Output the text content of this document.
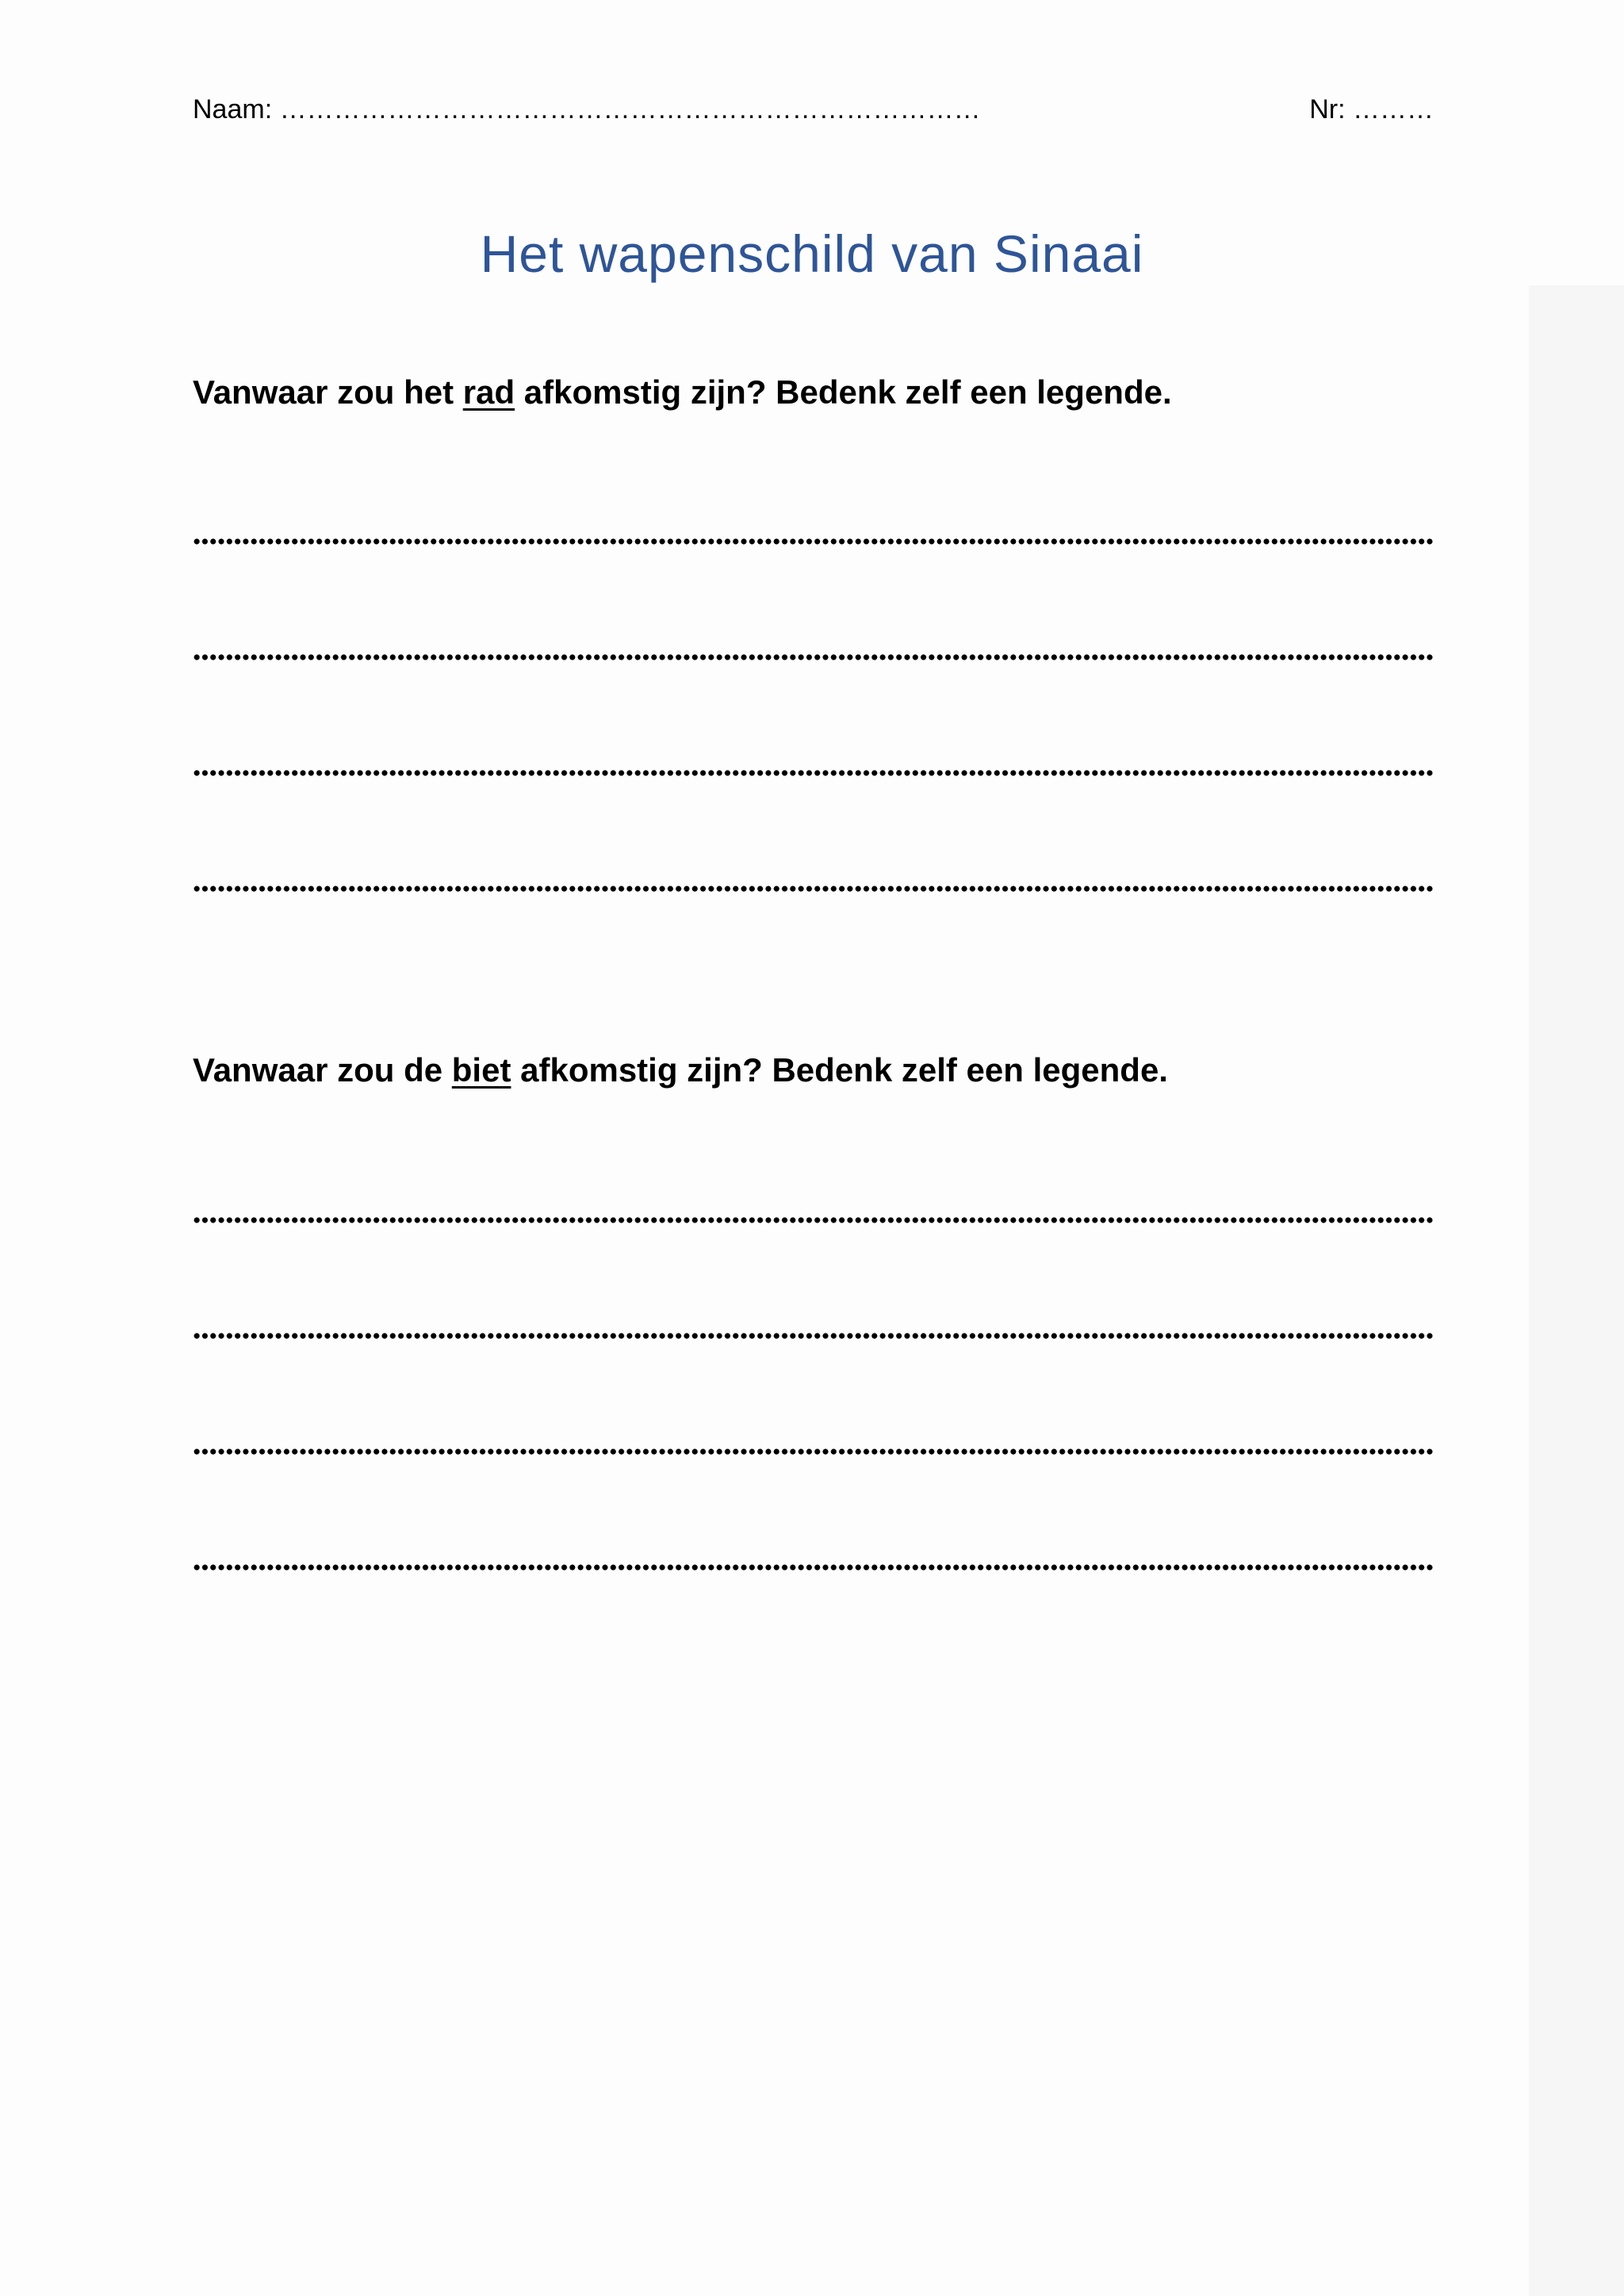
Naam: ……………………………………………………………………	Nr: ………
Het wapenschild van Sinaai
Vanwaar zou het rad afkomstig zijn? Bedenk zelf een legende.
Vanwaar zou de biet afkomstig zijn? Bedenk zelf een legende.
